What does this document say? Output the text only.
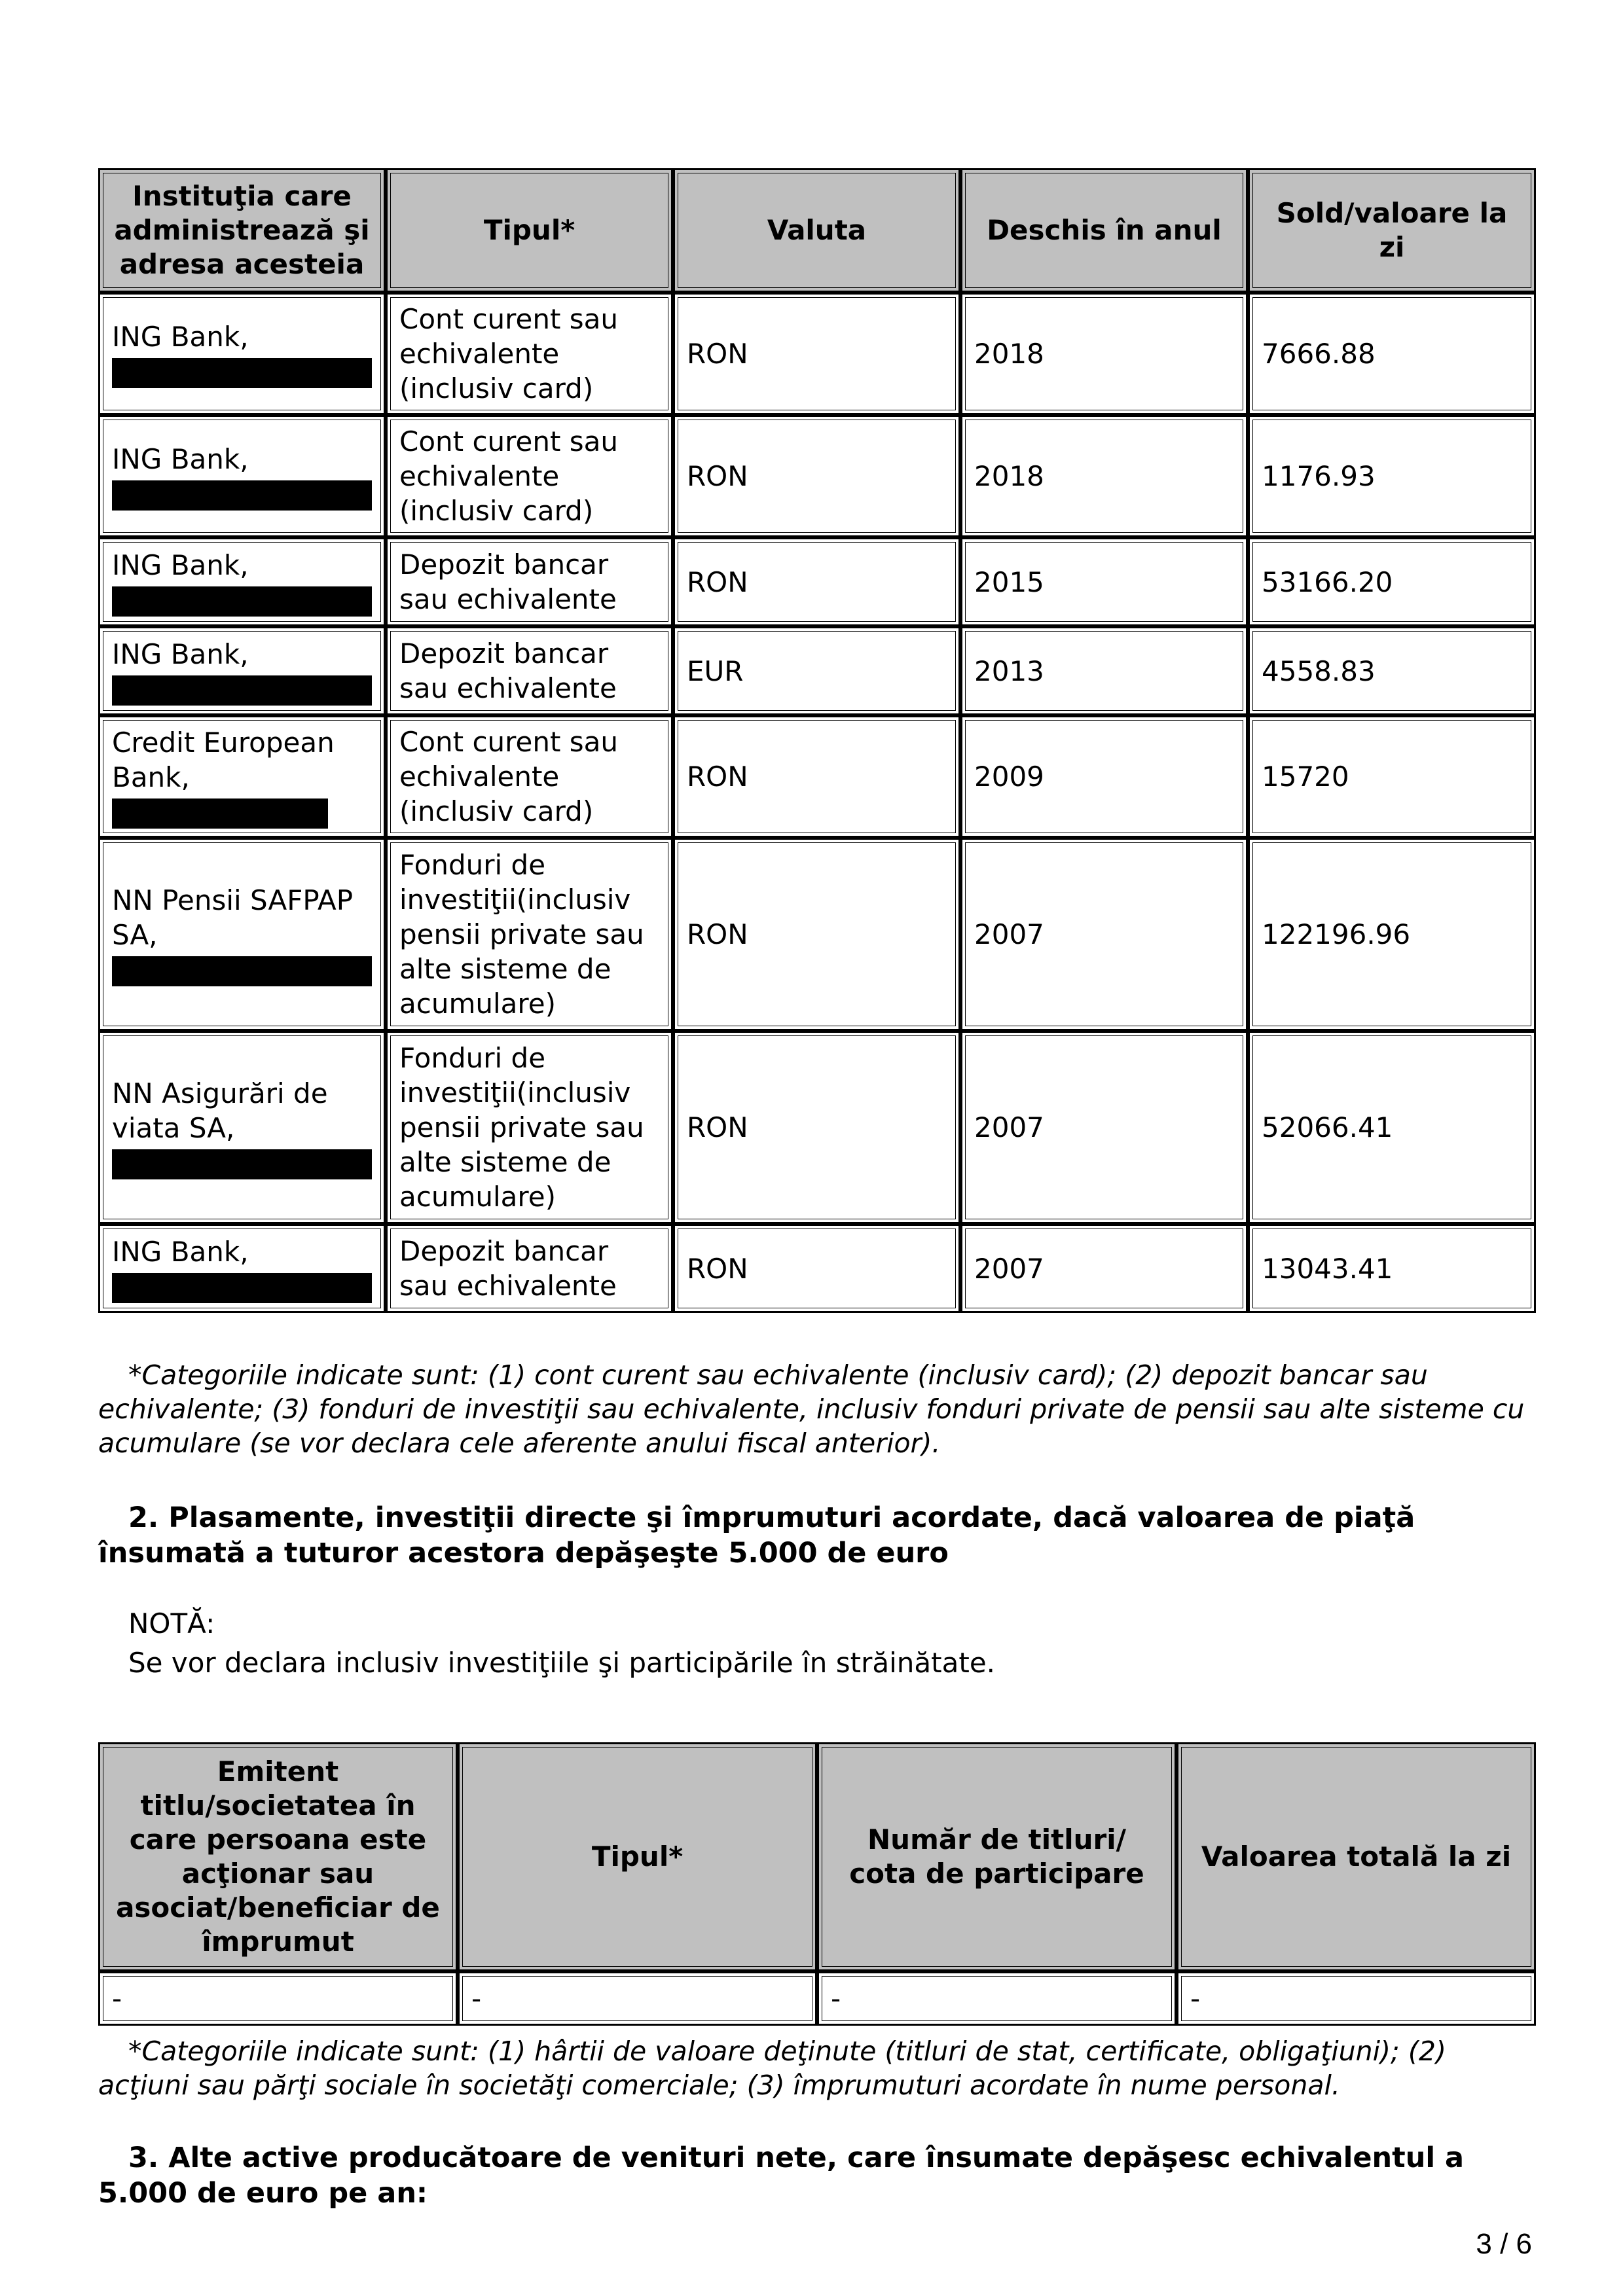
Instituţia care administrează şi adresa acesteia	Tipul*	Valuta	Deschis în anul	Sold/valoare la zi
ING Bank,	Cont curent sau echivalente (inclusiv card)	RON	2018	7666.88
ING Bank,	Cont curent sau echivalente (inclusiv card)	RON	2018	1176.93
ING Bank,	Depozit bancar sau echivalente	RON	2015	53166.20
ING Bank,	Depozit bancar sau echivalente	EUR	2013	4558.83
Credit European Bank,	Cont curent sau echivalente (inclusiv card)	RON	2009	15720
NN Pensii SAFPAP SA,	Fonduri de investiţii(inclusiv pensii private sau alte sisteme de acumulare)	RON	2007	122196.96
NN Asigurări de viata SA,	Fonduri de investiţii(inclusiv pensii private sau alte sisteme de acumulare)	RON	2007	52066.41
ING Bank,	Depozit bancar sau echivalente	RON	2007	13043.41
*Categoriile indicate sunt: (1) cont curent sau echivalente (inclusiv card); (2) depozit bancar sau echivalente; (3) fonduri de investiţii sau echivalente, inclusiv fonduri private de pensii sau alte sisteme cu acumulare (se vor declara cele aferente anului fiscal anterior).
2. Plasamente, investiţii directe şi împrumuturi acordate, dacă valoarea de piaţă însumată a tuturor acestora depăşeşte 5.000 de euro
NOTĂ:
Se vor declara inclusiv investiţiile şi participările în străinătate.
Emitent titlu/societatea în care persoana este acţionar sau asociat/beneficiar de împrumut	Tipul*	Număr de titluri/ cota de participare	Valoarea totală la zi
-	-	-	-
*Categoriile indicate sunt: (1) hârtii de valoare deţinute (titluri de stat, certificate, obligaţiuni); (2) acţiuni sau părţi sociale în societăţi comerciale; (3) împrumuturi acordate în nume personal.
3. Alte active producătoare de venituri nete, care însumate depăşesc echivalentul a 5.000 de euro pe an:
3 / 6
